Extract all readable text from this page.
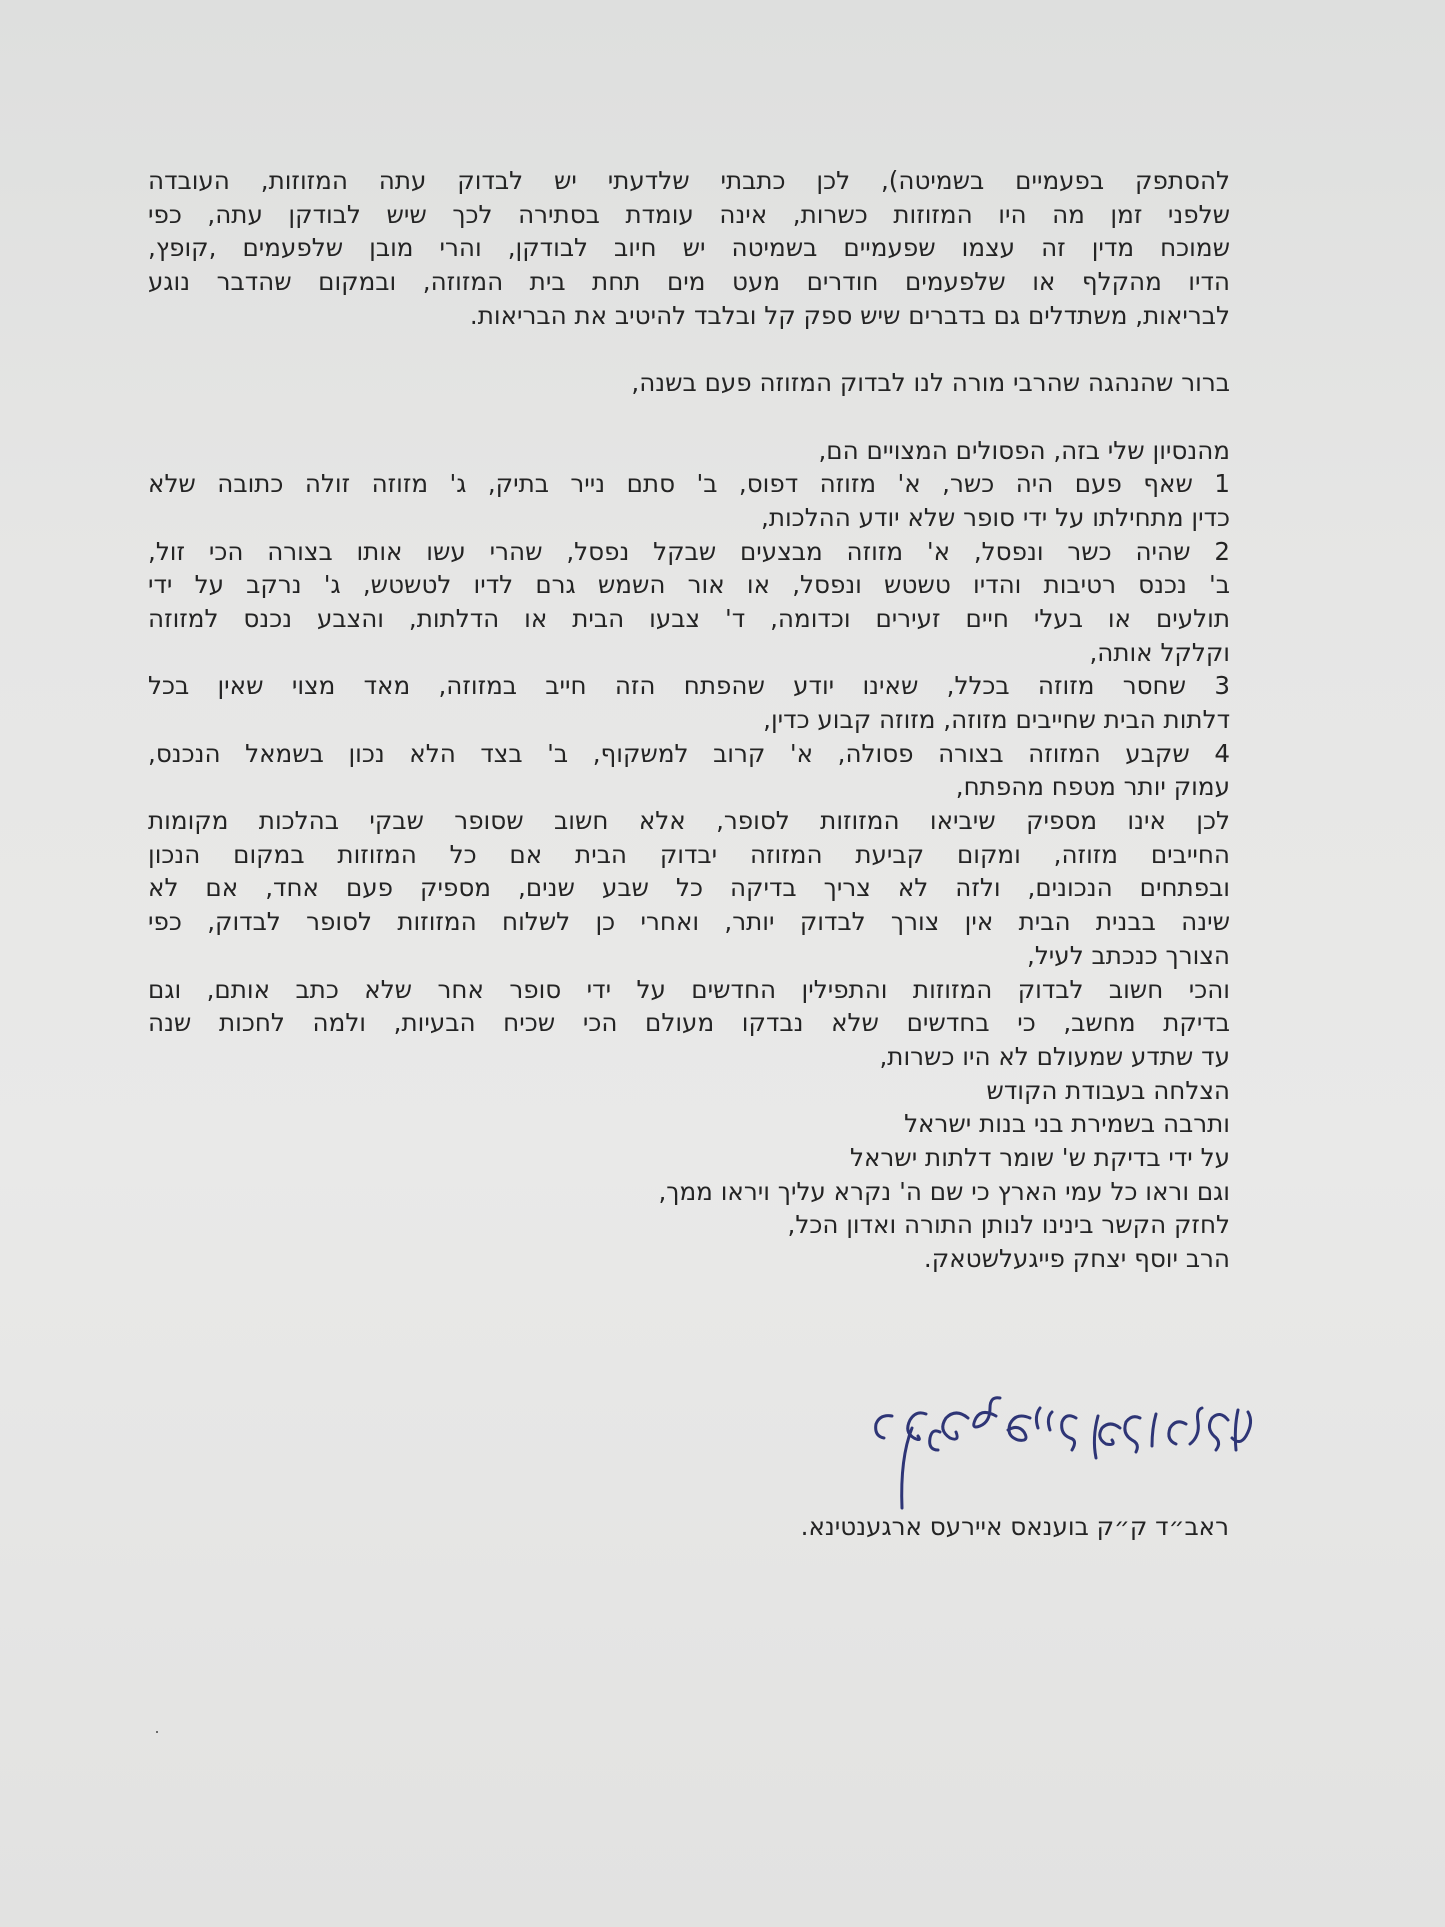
להסתפק בפעמיים בשמיטה), לכן כתבתי שלדעתי יש לבדוק עתה המזוזות, העובדה
שלפני זמן מה היו המזוזות כשרות, אינה עומדת בסתירה לכך שיש לבודקן עתה, כפי
שמוכח מדין זה עצמו שפעמיים בשמיטה יש חיוב לבודקן, והרי מובן שלפעמים ,קופץ,
הדיו מהקלף או שלפעמים חודרים מעט מים תחת בית המזוזה, ובמקום שהדבר נוגע
לבריאות, משתדלים גם בדברים שיש ספק קל ובלבד להיטיב את הבריאות.
ברור שהנהגה שהרבי מורה לנו לבדוק המזוזה פעם בשנה,
מהנסיון שלי בזה, הפסולים המצויים הם,
1 שאף פעם היה כשר, א' מזוזה דפוס, ב' סתם נייר בתיק, ג' מזוזה זולה כתובה שלא
כדין מתחילתו על ידי סופר שלא יודע ההלכות,
2 שהיה כשר ונפסל, א' מזוזה מבצעים שבקל נפסל, שהרי עשו אותו בצורה הכי זול,
ב' נכנס רטיבות והדיו טשטש ונפסל, או אור השמש גרם לדיו לטשטש, ג' נרקב על ידי
תולעים או בעלי חיים זעירים וכדומה, ד' צבעו הבית או הדלתות, והצבע נכנס למזוזה
וקלקל אותה,
3 שחסר מזוזה בכלל, שאינו יודע שהפתח הזה חייב במזוזה, מאד מצוי שאין בכל
דלתות הבית שחייבים מזוזה, מזוזה קבוע כדין,
4 שקבע המזוזה בצורה פסולה, א' קרוב למשקוף, ב' בצד הלא נכון בשמאל הנכנס,
עמוק יותר מטפח מהפתח,
לכן אינו מספיק שיביאו המזוזות לסופר, אלא חשוב שסופר שבקי בהלכות מקומות
החייבים מזוזה, ומקום קביעת המזוזה יבדוק הבית אם כל המזוזות במקום הנכון
ובפתחים הנכונים, ולזה לא צריך בדיקה כל שבע שנים, מספיק פעם אחד, אם לא
שינה בבנית הבית אין צורך לבדוק יותר, ואחרי כן לשלוח המזוזות לסופר לבדוק, כפי
הצורך כנכתב לעיל,
והכי חשוב לבדוק המזוזות והתפילין החדשים על ידי סופר אחר שלא כתב אותם, וגם
בדיקת מחשב, כי בחדשים שלא נבדקו מעולם הכי שכיח הבעיות, ולמה לחכות שנה
עד שתדע שמעולם לא היו כשרות,
הצלחה בעבודת הקודש
ותרבה בשמירת בני בנות ישראל
על ידי בדיקת ש' שומר דלתות ישראל
וגם וראו כל עמי הארץ כי שם ה' נקרא עליך ויראו ממך,
לחזק הקשר בינינו לנותן התורה ואדון הכל,
הרב יוסף יצחק פייגעלשטאק.
ראב״ד ק״ק בוענאס איירעס ארגענטינא.
